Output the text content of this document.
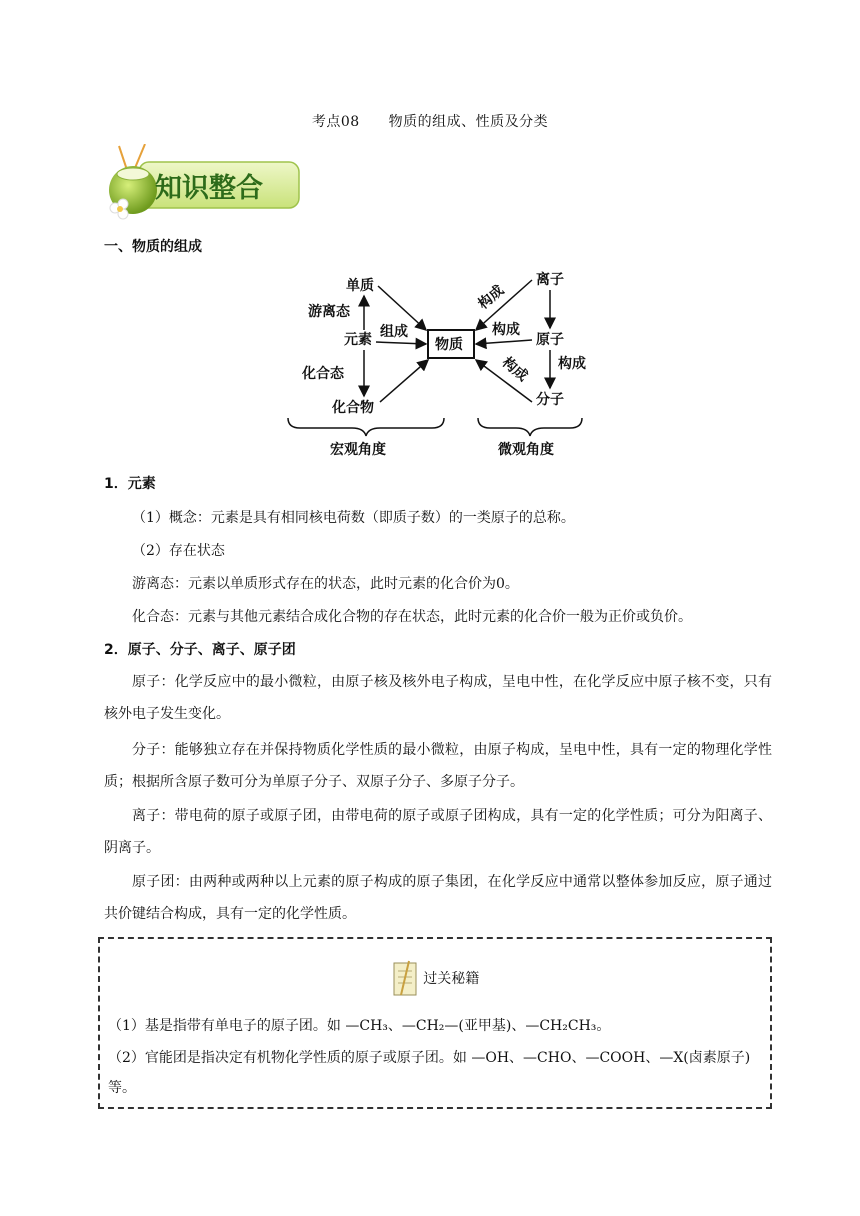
考点08　　物质的组成、性质及分类
知识整合
一、物质的组成
单质
游离态
元素
化合态
化合物
组成
物质
离子
原子
分子
构成
构成
构成
构成
宏观角度	微观角度
1．元素
（1）概念：元素是具有相同核电荷数（即质子数）的一类原子的总称。
（2）存在状态
游离态：元素以单质形式存在的状态，此时元素的化合价为0。
化合态：元素与其他元素结合成化合物的存在状态，此时元素的化合价一般为正价或负价。
2．原子、分子、离子、原子团

原子：化学反应中的最小微粒，由原子核及核外电子构成，呈电中性，在化学反应中原子核不变，只有核外电子发生变化。

分子：能够独立存在并保持物质化学性质的最小微粒，由原子构成，呈电中性，具有一定的物理化学性质；根据所含原子数可分为单原子分子、双原子分子、多原子分子。

离子：带电荷的原子或原子团，由带电荷的原子或原子团构成，具有一定的化学性质；可分为阳离子、阴离子。

原子团：由两种或两种以上元素的原子构成的原子集团，在化学反应中通常以整体参加反应，原子通过共价键结合构成，具有一定的化学性质。

过关秘籍
（1）基是指带有单电子的原子团。如 —CH₃、—CH₂—(亚甲基)、—CH₂CH₃。
（2）官能团是指决定有机物化学性质的原子或原子团。如 —OH、—CHO、—COOH、—X(卤素原子)等。
